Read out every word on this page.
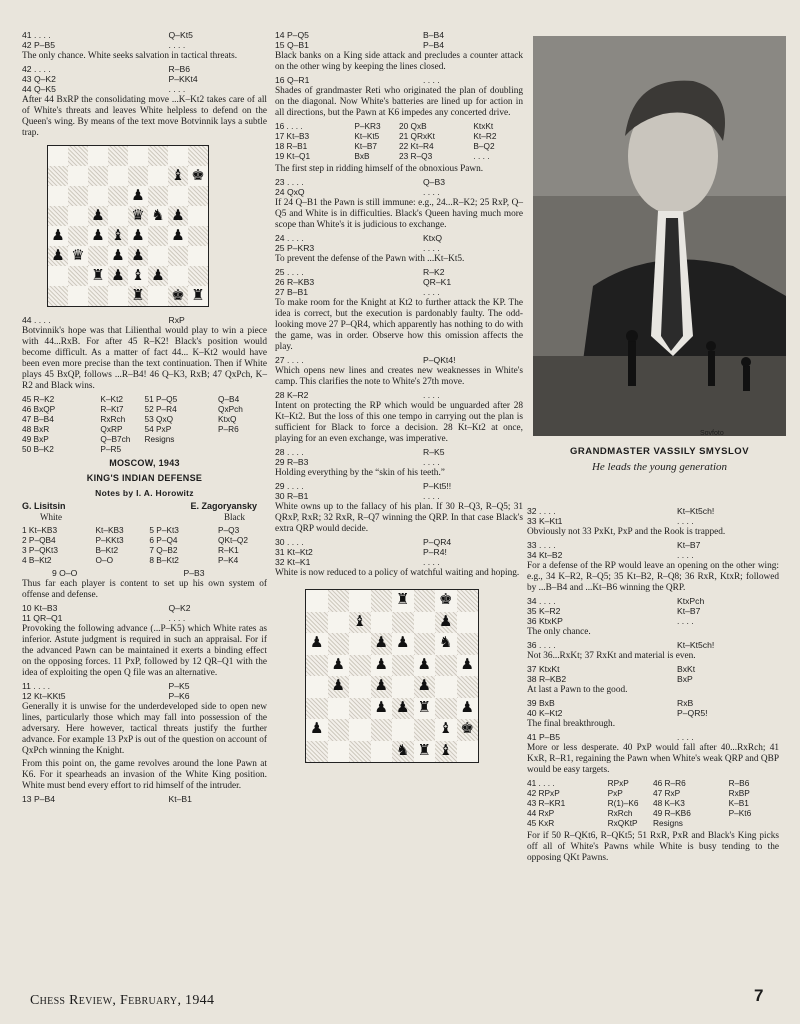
41 . . . .	Q–Kt5
42 P–B5	. . . .

The only chance. White seeks salvation in tactical threats.

42 . . . .	R–B6
43 Q–K2	P–KKt4
44 Q–K5	. . . .

After 44 BxRP the consolidating move ...K–Kt2 takes care of all of White's threats and leaves White helpless to defend on the Queen's wing. By means of the text move Botvinnik lays a subtle trap.

♝ ♚
♟
♟ ♛ ♞ ♟
♟ ♟ ♝ ♟ ♟
♟ ♛ ♟ ♟
♜ ♟ ♝ ♟
♜ ♚ ♜
44 . . . .	RxP

Botvinnik's hope was that Lilienthal would play to win a piece with 44...RxB. For after 45 R–K2! Black's position would become difficult. As a matter of fact 44... K–Kt2 would have been even more precise than the text continuation. Then if White plays 45 BxQP, follows ...R–B4! 46 Q–K3, RxB; 47 QxPch, K–R2 and Black wins.

45 R–K2	K–Kt2	51 P–Q5	Q–B4
46 BxQP	R–Kt7	52 P–R4	QxPch
47 B–B4	RxRch	53 QxQ	KtxQ
48 BxR	QxRP	54 PxP	P–R6
49 BxP	Q–B7ch	Resigns
50 B–K2	P–R5
MOSCOW, 1943
KING'S INDIAN DEFENSE
Notes by I. A. Horowitz
G. Lisitsin	E. Zagoryansky
White	Black
1 Kt–KB3	Kt–KB3	5 P–Kt3	P–Q3
2 P–QB4	P–KKt3	6 P–Q4	QKt–Q2
3 P–QKt3	B–Kt2	7 Q–B2	R–K1
4 B–Kt2	O–O	8 B–Kt2	P–K4
9 O–O	P–B3

Thus far each player is content to set up his own system of offense and defense.

10 Kt–B3	Q–K2
11 QR–Q1	. . . .

Provoking the following advance (...P–K5) which White rates as inferior. Astute judgment is required in such an appraisal. For if the advanced Pawn can be maintained it exerts a binding effect on the opposing forces. 11 PxP, followed by 12 QR–Q1 with the idea of exploiting the open Q file was an alternative.

11 . . . .	P–K5
12 Kt–KKt5	P–K6

Generally it is unwise for the underdeveloped side to open new lines, particularly those which may fall into possession of the adversary. Here however, tactical threats justify the further advance. For example 13 PxP is out of the question on account of QxPch winning the Knight.

From this point on, the game revolves around the lone Pawn at K6. For it spearheads an invasion of the White King position. White must bend every effort to rid himself of the intruder.

13 P–B4	Kt–B1
14 P–Q5	B–B4
15 Q–B1	P–B4

Black banks on a King side attack and precludes a counter attack on the other wing by keeping the lines closed.

16 Q–R1	. . . .

Shades of grandmaster Reti who originated the plan of doubling on the diagonal. Now White's batteries are lined up for action in all directions, but the Pawn at K6 impedes any concerted drive.

16 . . . .	P–KR3	20 QxB	KtxKt
17 Kt–B3	Kt–Kt5	21 QRxKt	Kt–R2
18 R–B1	Kt–B7	22 Kt–R4	B–Q2
19 Kt–Q1	BxB	23 R–Q3	. . . .

The first step in ridding himself of the obnoxious Pawn.

23 . . . .	Q–B3
24 QxQ	. . . .

If 24 Q–B1 the Pawn is still immune: e.g., 24...R–K2; 25 RxP, Q–Q5 and White is in difficulties. Black's Queen having much more scope than White's it is judicious to exchange.

24 . . . .	KtxQ
25 P–KR3	. . . .

To prevent the defense of the Pawn with ...Kt–Kt5.

25 . . . .	R–K2
26 R–KB3	QR–K1
27 B–B1	. . . .

To make room for the Knight at Kt2 to further attack the KP. The idea is correct, but the execution is pardonably faulty. The odd-looking move 27 P–QR4, which apparently has nothing to do with the game, was in order. Observe how this omission affects the play.

27 . . . .	P–QKt4!

Which opens new lines and creates new weaknesses in White's camp. This clarifies the note to White's 27th move.

28 K–R2	. . . .

Intent on protecting the RP which would be unguarded after 28 Kt–Kt2. But the loss of this one tempo in carrying out the plan is sufficient for Black to force a decision. 28 Kt–Kt2 at once, playing for an even exchange, was imperative.

28 . . . .	R–K5
29 R–B3	. . . .

Holding everything by the “skin of his teeth.”

29 . . . .	P–Kt5!!
30 R–B1	. . . .

White owns up to the fallacy of his plan. If 30 R–Q3, R–Q5; 31 QRxP, RxR; 32 RxR, R–Q7 winning the QRP. In that case Black's extra QRP would decide.

30 . . . .	P–QR4
31 Kt–Kt2	P–R4!
32 Kt–K1	. . . .

White is now reduced to a policy of watchful waiting and hoping.

♜ ♚
♝	♟
♟	♟ ♟ ♞
♟ ♟ ♟ ♟
♟ ♟ ♟
♟ ♟ ♜ ♟
♟	♝ ♚
♞ ♜ ♝
Sovfoto
GRANDMASTER VASSILY SMYSLOV
He leads the young generation
32 . . . .	Kt–Kt5ch!
33 K–Kt1	. . . .

Obviously not 33 PxKt, PxP and the Rook is trapped.

33 . . . .	Kt–B7
34 Kt–B2	. . . .

For a defense of the RP would leave an opening on the other wing: e.g., 34 K–R2, R–Q5; 35 Kt–B2, R–Q8; 36 RxR, KtxR; followed by ...B–B4 and ...Kt–B6 winning the QRP.

34 . . . .	KtxPch
35 K–R2	Kt–B7
36 KtxKP	. . . .

The only chance.

36 . . . .	Kt–Kt5ch!

Not 36...RxKt; 37 RxKt and material is even.

37 KtxKt	BxKt
38 R–KB2	BxP

At last a Pawn to the good.

39 BxB	RxB
40 K–Kt2	P–QR5!

The final breakthrough.

41 P–B5	. . . .

More or less desperate. 40 PxP would fall after 40...RxRch; 41 KxR, R–R1, regaining the Pawn when White's weak QRP and QBP would be easy targets.

41 . . . .	RPxP	46 R–R6	R–B6
42 RPxP	PxP	47 RxP	RxBP
43 R–KR1	R(1)–K6	48 K–K3	K–B1
44 RxP	RxRch	49 R–KB6	P–Kt6
45 KxR	RxQKtP	Resigns

For if 50 R–QKt6, R–QKt5; 51 RxR, PxR and Black's King picks off all of White's Pawns while White is busy tending to the opposing QKt Pawns.

Chess Review, February, 1944	7
